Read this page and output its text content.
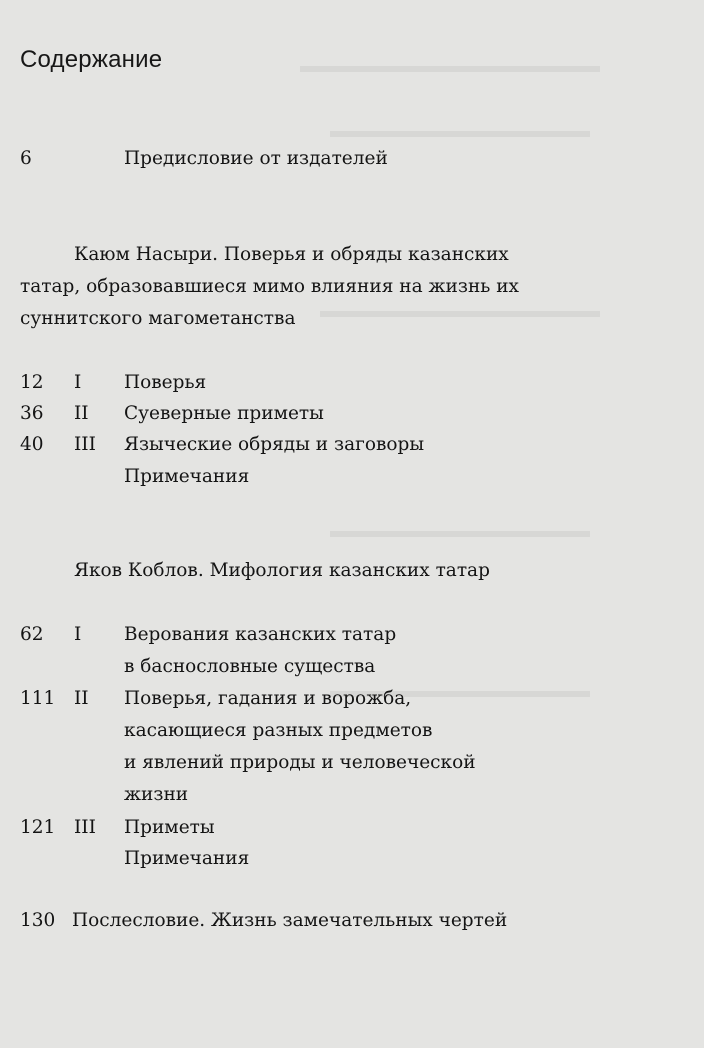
▬▬▬▬▬▬▬▬▬▬▬▬▬▬▬
▬▬▬▬▬▬▬▬▬▬▬▬▬
▬▬▬▬▬▬▬▬▬▬▬▬▬▬
▬▬▬▬▬▬▬▬▬▬▬▬▬
▬▬▬▬▬▬▬▬▬▬▬▬▬
Содержание
6	Предисловие от издателей
Каюм Насыри. Поверья и обряды казанских
татар, образовавшиеся мимо влияния на жизнь их
суннитского магометанства
12 I Поверья
36 II Суеверные приметы
40 III Языческие обряды и заговоры
Примечания
Яков Коблов. Мифология казанских татар
62 I Верования казанских татар
в баснословные существа
111 II Поверья, гадания и ворожба,
касающиеся разных предметов
и явлений природы и человеческой
жизни
121 III Приметы
Примечания
130 Послесловие. Жизнь замечательных чертей
